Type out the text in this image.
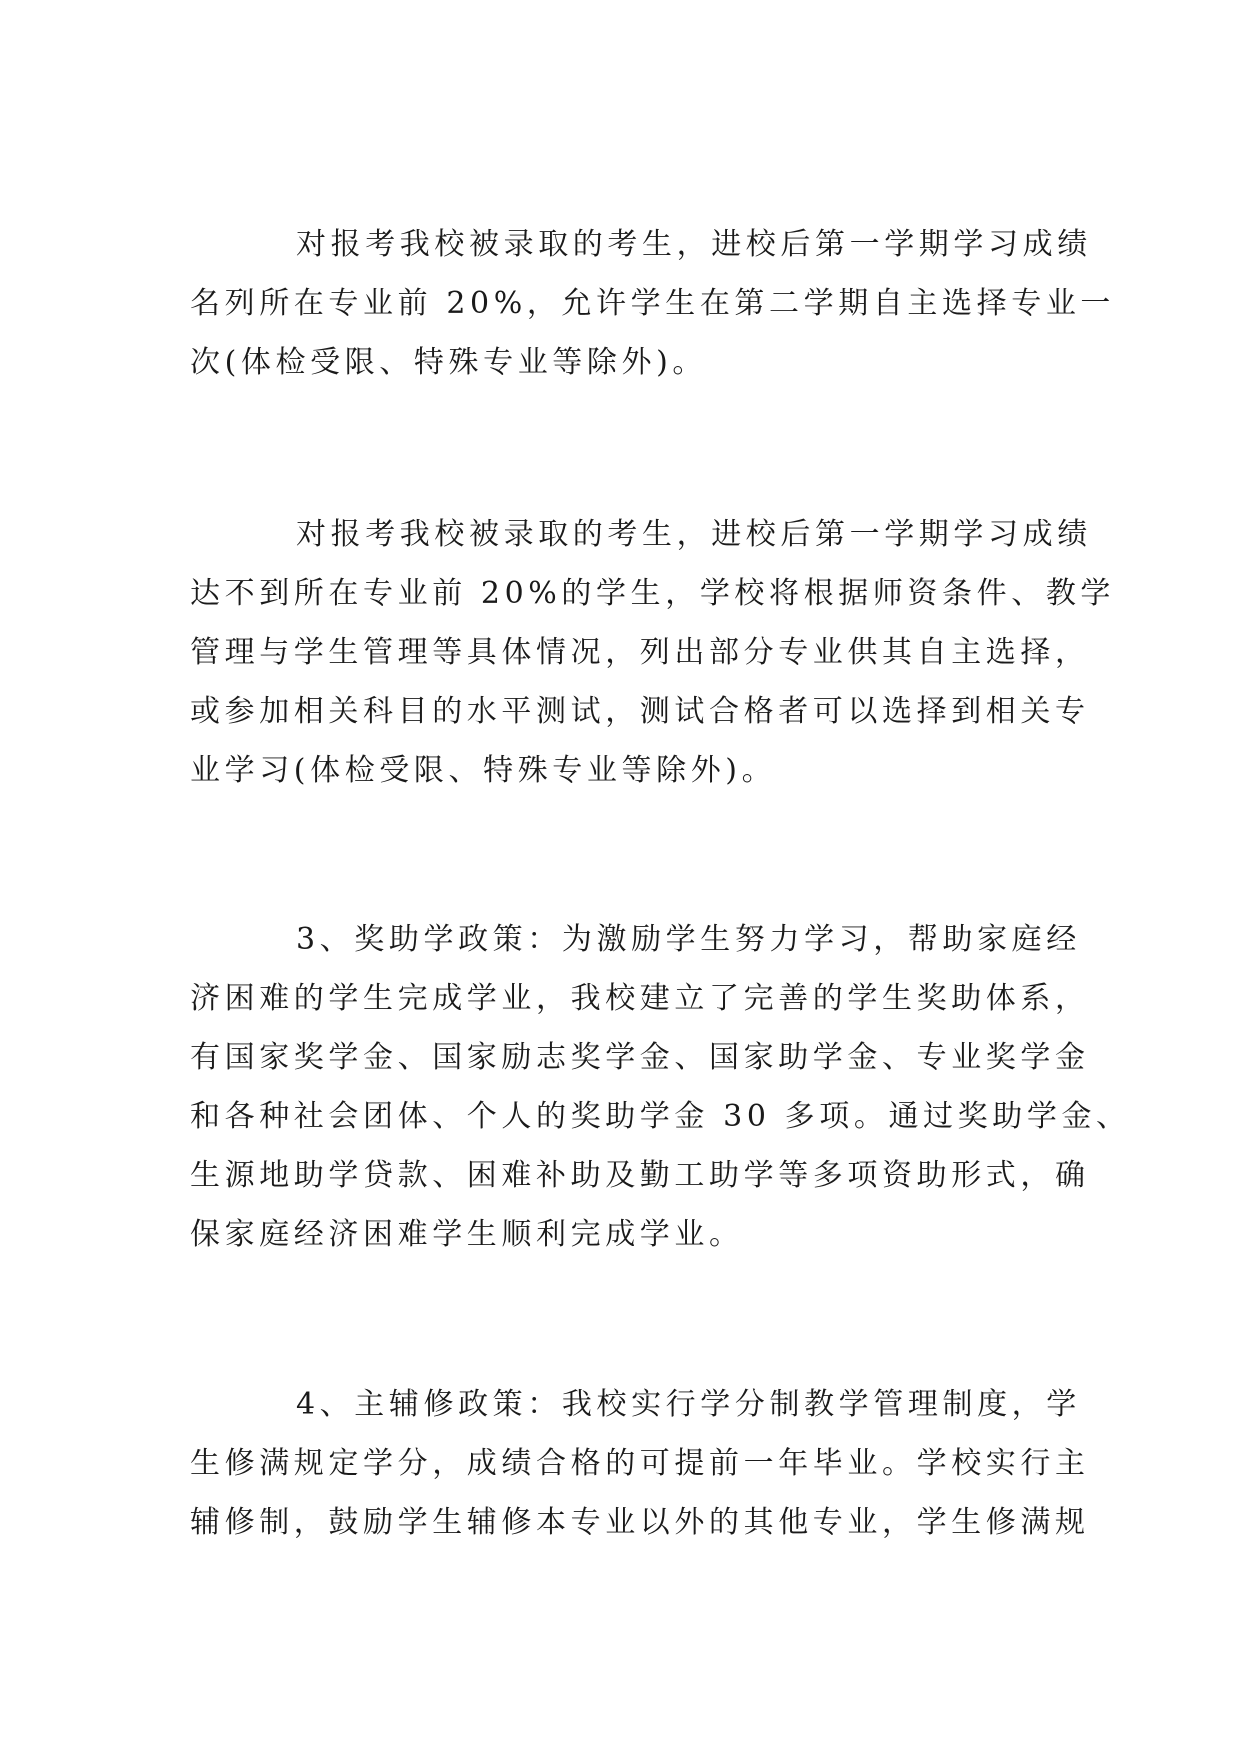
对报考我校被录取的考生，进校后第一学期学习成绩
名列所在专业前 20%，允许学生在第二学期自主选择专业一
次(体检受限、特殊专业等除外)。
对报考我校被录取的考生，进校后第一学期学习成绩
达不到所在专业前 20%的学生，学校将根据师资条件、教学
管理与学生管理等具体情况，列出部分专业供其自主选择，
或参加相关科目的水平测试，测试合格者可以选择到相关专
业学习(体检受限、特殊专业等除外)。
3、奖助学政策：为激励学生努力学习，帮助家庭经
济困难的学生完成学业，我校建立了完善的学生奖助体系，
有国家奖学金、国家励志奖学金、国家助学金、专业奖学金
和各种社会团体、个人的奖助学金 30 多项。通过奖助学金、
生源地助学贷款、困难补助及勤工助学等多项资助形式，确
保家庭经济困难学生顺利完成学业。
4、主辅修政策：我校实行学分制教学管理制度，学
生修满规定学分，成绩合格的可提前一年毕业。学校实行主
辅修制，鼓励学生辅修本专业以外的其他专业，学生修满规
